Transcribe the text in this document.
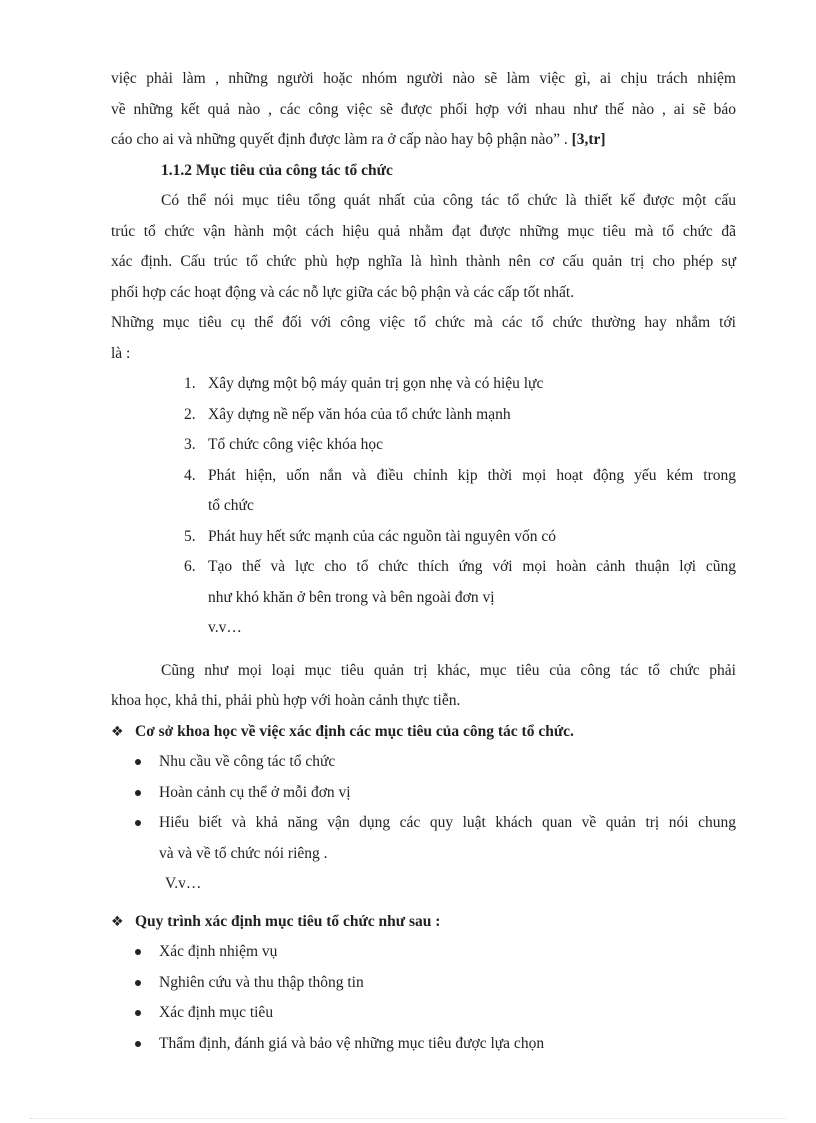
việc phải làm , những người hoặc nhóm người nào sẽ làm việc gì, ai chịu trách nhiệm
về những kết quả nào , các công việc sẽ được phối hợp với nhau như thế nào , ai sẽ báo
cáo cho ai và những quyết định được làm ra ở cấp nào hay bộ phận nào” . [3,tr]
1.1.2 Mục tiêu của công tác tổ chức
Có thể nói mục tiêu tổng quát nhất của công tác tổ chức là thiết kế được một cấu
trúc tổ chức vận hành một cách hiệu quả nhằm đạt được những mục tiêu mà tổ chức đã
xác định. Cấu trúc tổ chức phù hợp nghĩa là hình thành nên cơ cấu quản trị cho phép sự
phối hợp các hoạt động và các nỗ lực giữa các bộ phận và các cấp tốt nhất.
Những mục tiêu cụ thể đối với công việc tổ chức mà các tổ chức thường hay nhắm tới
là :
1. Xây dựng một bộ máy quản trị gọn nhẹ và có hiệu lực
2. Xây dựng nề nếp văn hóa của tổ chức lành mạnh
3. Tổ chức công việc khóa học
4. Phát hiện, uốn nắn và điều chỉnh kịp thời mọi hoạt động yếu kém trong
tổ chức
5. Phát huy hết sức mạnh của các nguồn tài nguyên vốn có
6. Tạo thế và lực cho tổ chức thích ứng với mọi hoàn cảnh thuận lợi cũng
như khó khăn ở bên trong và bên ngoài đơn vị
v.v…
Cũng như mọi loại mục tiêu quản trị khác, mục tiêu của công tác tổ chức phải
khoa học, khả thi, phải phù hợp với hoàn cảnh thực tiễn.
❖ Cơ sở khoa học về việc xác định các mục tiêu của công tác tổ chức.
Nhu cầu về công tác tổ chức
Hoàn cảnh cụ thể ở mỗi đơn vị
Hiểu biết và khả năng vận dụng các quy luật khách quan về quản trị nói chung
và và về tổ chức nói riêng .
V.v…
❖ Quy trình xác định mục tiêu tổ chức như sau :
Xác định nhiệm vụ
Nghiên cứu và thu thập thông tin
Xác định mục tiêu
Thẩm định, đánh giá và bảo vệ những mục tiêu được lựa chọn
